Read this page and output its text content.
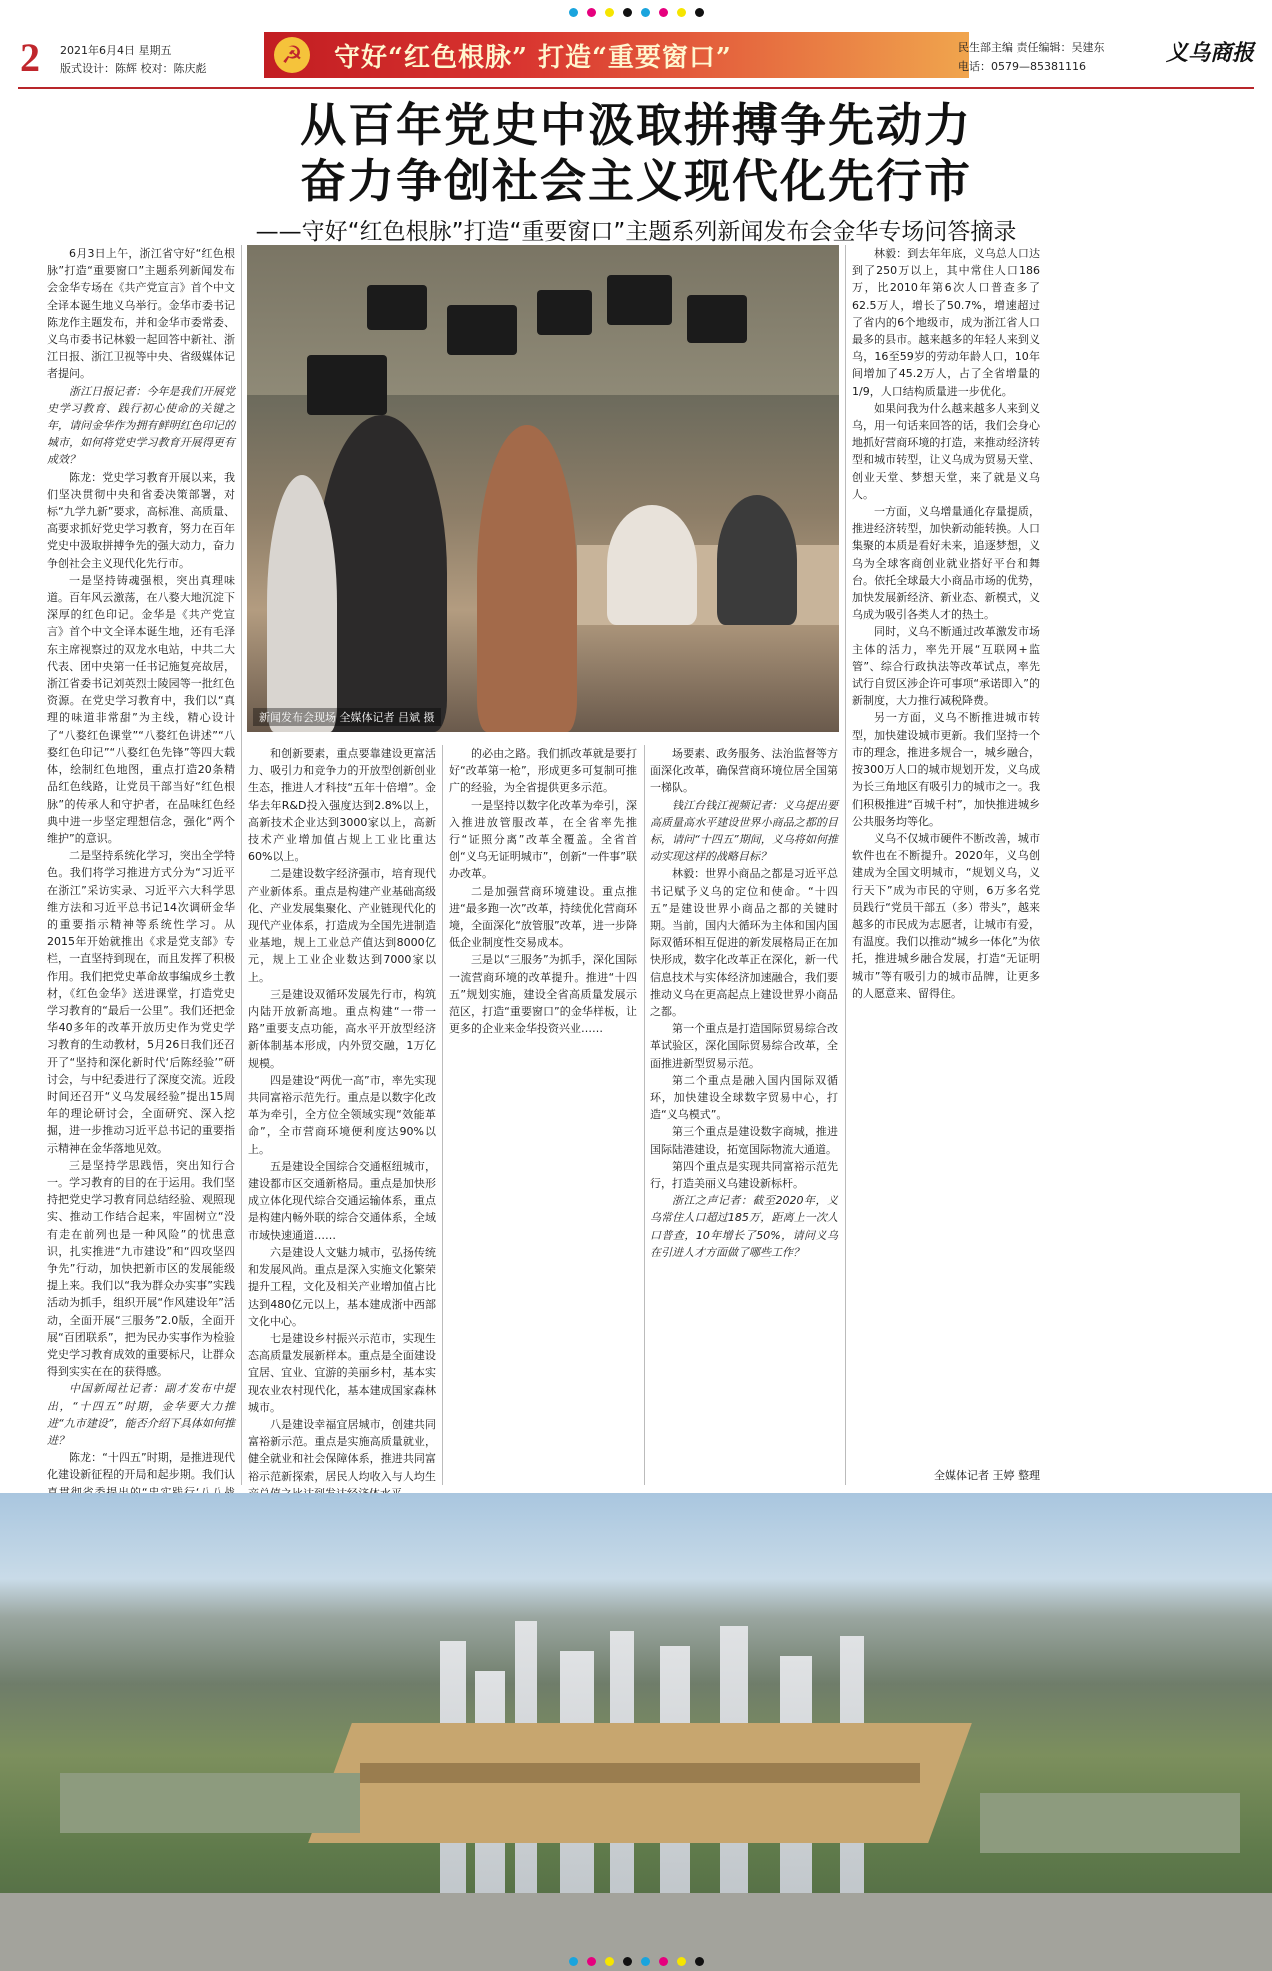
2 2021年6月4日 星期五
版式设计：陈辉 校对：陈庆彪	☭ 守好“红色根脉” 打造“重要窗口”	民生部主编 责任编辑：吴建东
电话：0579—85381116
义乌商报
从百年党史中汲取拼搏争先动力
奋力争创社会主义现代化先行市
——守好“红色根脉”打造“重要窗口”主题系列新闻发布会金华专场问答摘录

6月3日上午，浙江省守好“红色根脉”打造“重要窗口”主题系列新闻发布会金华专场在《共产党宣言》首个中文全译本诞生地义乌举行。金华市委书记陈龙作主题发布，并和金华市委常委、义乌市委书记林毅一起回答中新社、浙江日报、浙江卫视等中央、省级媒体记者提问。

浙江日报记者：今年是我们开展党史学习教育、践行初心使命的关键之年，请问金华作为拥有鲜明红色印记的城市，如何将党史学习教育开展得更有成效？

陈龙：党史学习教育开展以来，我们坚决贯彻中央和省委决策部署，对标“九学九新”要求，高标准、高质量、高要求抓好党史学习教育，努力在百年党史中汲取拼搏争先的强大动力，奋力争创社会主义现代化先行市。

一是坚持铸魂强根，突出真理味道。百年风云激荡，在八婺大地沉淀下深厚的红色印记。金华是《共产党宣言》首个中文全译本诞生地，还有毛泽东主席视察过的双龙水电站，中共二大代表、团中央第一任书记施复亮故居，浙江省委书记刘英烈士陵园等一批红色资源。在党史学习教育中，我们以“真理的味道非常甜”为主线，精心设计了“八婺红色课堂”“八婺红色讲述”“八婺红色印记”“八婺红色先锋”等四大载体，绘制红色地图，重点打造20条精品红色线路，让党员干部当好“红色根脉”的传承人和守护者，在品味红色经典中进一步坚定理想信念，强化“两个维护”的意识。

二是坚持系统化学习，突出全学特色。我们将学习推进方式分为“习近平在浙江”采访实录、习近平六大科学思维方法和习近平总书记14次调研金华的重要指示精神等系统性学习。从2015年开始就推出《求是党支部》专栏，一直坚持到现在，而且发挥了积极作用。我们把党史革命故事编成乡土教材，《红色金华》送进课堂，打造党史学习教育的“最后一公里”。我们还把金华40多年的改革开放历史作为党史学习教育的生动教材，5月26日我们还召开了“坚持和深化新时代‘后陈经验’”研讨会，与中纪委进行了深度交流。近段时间还召开“义乌发展经验”提出15周年的理论研讨会，全面研究、深入挖掘，进一步推动习近平总书记的重要指示精神在金华落地见效。

三是坚持学思践悟，突出知行合一。学习教育的目的在于运用。我们坚持把党史学习教育同总结经验、观照现实、推动工作结合起来，牢固树立“没有走在前列也是一种风险”的忧患意识，扎实推进“九市建设”和“四攻坚四争先”行动，加快把新市区的发展能级提上来。我们以“我为群众办实事”实践活动为抓手，组织开展“作风建设年”活动，全面开展“三服务”2.0版，全面开展“百团联系”，把为民办实事作为检验党史学习教育成效的重要标尺，让群众得到实实在在的获得感。

中国新闻社记者：副才发布中提出，“十四五”时期，金华要大力推进“九市建设”，能否介绍下具体如何推进？

陈龙：“十四五”时期，是推进现代化建设新征程的开局和起步期。我们认

新闻发布会现场 全媒体记者 吕斌 摄

和创新要素，重点要靠建设更富活力、吸引力和竞争力的开放型创新创业生态，推进人才科技“五年十倍增”。金华去年R&D投入强度达到2.8%以上，高新技术企业达到3000家以上，高新技术产业增加值占规上工业比重达60%以上。

二是建设数字经济强市，培育现代产业新体系。重点是构建产业基础高级化、产业发展集聚化、产业链现代化的现代产业体系，打造成为全国先进制造业基地，规上工业总产值达到8000亿元，规上工业企业数达到7000家以上。

三是建设双循环发展先行市，构筑内陆开放新高地。重点构建“一带一路”重要支点功能，高水平开放型经济新体制基本形成，内外贸交融，1万亿规模。

四是建设“两优一高”市，率先实现共同富裕示范先行。重点是以数字化改革为牵引，全方位全领域实现“效能革命”，全市营商环境便利度达90%以上。

五是建设全国综合交通枢纽城市，建设都市区交通新格局。重点是加快形成立体化现代综合交通运输体系，重点是构建内畅外联的综合交通体系，全域市域快速通道……

六是建设人文魅力城市，弘扬传统和发展风尚。重点是深入实施文化繁荣提升工程，文化及相关产业增加值占比达到480亿元以上，基本建成浙中西部文化中心。

七是建设乡村振兴示范市，实现生态高质量发展新样本。重点是全面建设宜居、宜业、宜游的美丽乡村，基本实现农业农村现代化，基本建成国家森林城市。

八是建设幸福宜居城市，创建共同富裕新示范。重点是实施高质量就业，健全就业和社会保障体系，推进共同富裕示范新探索，居民人均收入与人均生

的必由之路。我们抓改革就是要打好“改革第一枪”，形成更多可复制可推广的经验，为全省提供更多示范。

一是坚持以数字化改革为牵引，深入推进放管服改革，在全省率先推行“证照分离”改革全覆盖。全省首创“义乌无证明城市”，创新“一件事”联办改革。

二是加强营商环境建设。重点推进“最多跑一次”改革，持续优化营商环境，全面深化“放管服”改革，进一步降低企业制度性交易成本。

三是以“三服务”为抓手，深化国际一流营商环境的改革提升。推进“十四五”规划实施，建设全省高质量发展示范区，打造“重要窗口”的金华样板，让更多的企业来金华投资兴业……

场要素、政务服务、法治监督等方面深化改革，确保营商环境位居全国第一梯队。

钱江台钱江视频记者：义乌提出要高质量高水平建设世界小商品之都的目标，请问“十四五”期间，义乌将如何推动实现这样的战略目标？

林毅：世界小商品之都是习近平总书记赋予义乌的定位和使命。“十四五”是建设世界小商品之都的关键时期。当前，国内大循环为主体和国内国际双循环相互促进的新发展格局正在加快形成，数字化改革正在深化，新一代信息技术与实体经济加速融合，我们要推动义乌在更高起点上建设世界小商品之都。

第一个重点是打造国际贸易综合改革试验区，深化国际贸易综合改革，全面推进新型贸易示范。

第二个重点是融入国内国际双循环，加快建设全球数字贸易中心，打造“义乌模式”。

第三个重点是建设数字商城，推进国际陆港建设，拓宽国际物流大通道。

第四个重点是实现共同富裕示范先行，打造美丽义乌建设新标杆。

浙江之声记者：截至2020年，义乌常住人口超过185万，距离上一次人口普查，10年增长了50%，请问义乌在引进人才方面做了哪些工作？

林毅：到去年年底，义乌总人口达到了250万以上，其中常住人口186万，比2010年第6次人口普查多了62.5万人，增长了50.7%，增速超过了省内的6个地级市，成为浙江省人口最多的县市。越来越多的年轻人来到义乌，16至59岁的劳动年龄人口，10年间增加了45.2万人，占了全省增量的1/9，人口结构质量进一步优化。

如果问我为什么越来越多人来到义乌，用一句话来回答的话，我们会身心地抓好营商环境的打造，来推动经济转型和城市转型，让义乌成为贸易天堂、创业天堂、梦想天堂，来了就是义乌人。

一方面，义乌增量通化存量提质，推进经济转型，加快新动能转换。人口集聚的本质是看好未来，追逐梦想，义乌为全球客商创业就业搭好平台和舞台。依托全球最大小商品市场的优势，加快发展新经济、新业态、新模式，义乌成为吸引各类人才的热土。

同时，义乌不断通过改革激发市场主体的活力，率先开展“互联网+监管”、综合行政执法等改革试点，率先试行自贸区涉企许可事项“承诺即入”的新制度，大力推行减税降费。

另一方面，义乌不断推进城市转型，加快建设城市更新。我们坚持一个市的理念，推进多规合一，城乡融合，按300万人口的城市规划开发，义乌成为长三角地区有吸引力的城市之一。我们积极推进“百城千村”，加快推进城乡公共服务均等化。

义乌不仅城市硬件不断改善，城市软件也在不断提升。2020年，义乌创建成为全国文明城市，“规划义乌，义行天下”成为市民的守则，6万多名党员践行“党员干部五（多）带头”，越来越多的市民成为志愿者，让城市有爱，有温度。我们以推动“城乡一体化”为依托，推进城乡融合发展，打造“无证明城市”等有吸引力的城市品牌，让更多的人愿意来、留得住。

全媒体记者 王婷 整理
